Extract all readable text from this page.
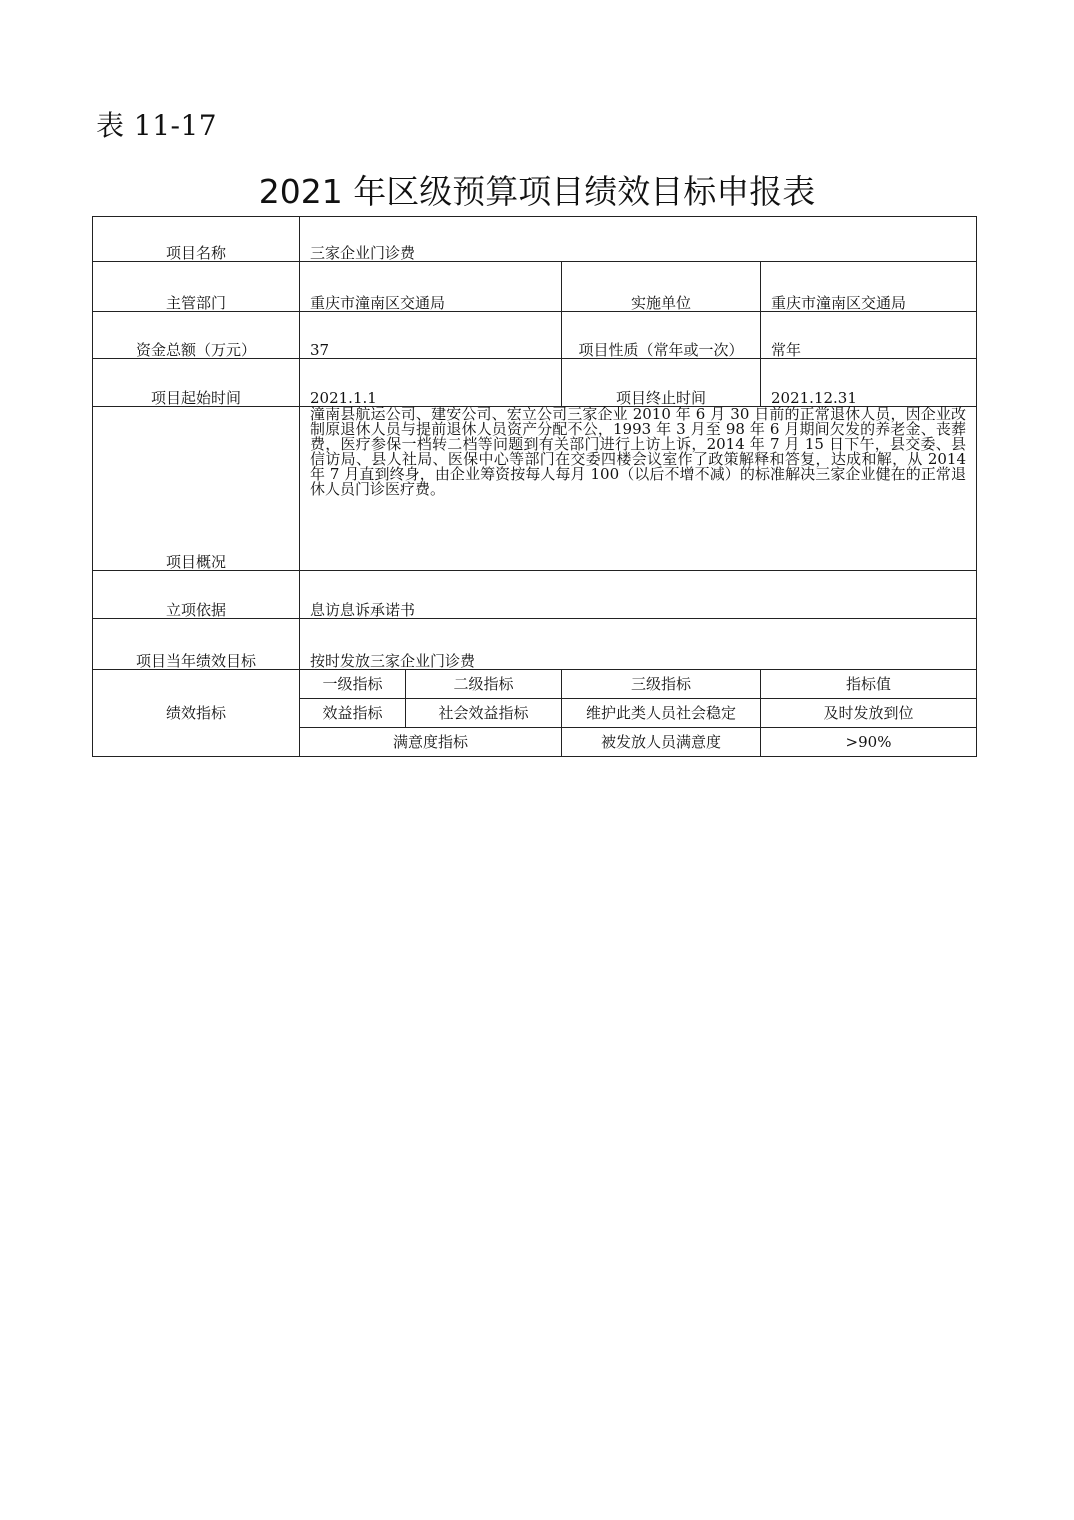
表 11-17
2021 年区级预算项目绩效目标申报表
项目名称	三家企业门诊费			
主管部门	重庆市潼南区交通局		实施单位	重庆市潼南区交通局
资金总额（万元）	37		项目性质（常年或一次）	常年
项目起始时间	2021.1.1		项目终止时间	2021.12.31
项目概况	潼南县航运公司、建安公司、宏立公司三家企业 2010 年 6 月 30 日前的正常退休人员，因企业改制原退休人员与提前退休人员资产分配不公，1993 年 3 月至 98 年 6 月期间欠发的养老金、丧葬费，医疗参保一档转二档等问题到有关部门进行上访上诉，2014 年 7 月 15 日下午，县交委、县信访局、县人社局、医保中心等部门在交委四楼会议室作了政策解释和答复，达成和解，从 2014 年 7 月直到终身，由企业筹资按每人每月 100（以后不增不减）的标准解决三家企业健在的正常退休人员门诊医疗费。			
立项依据	息访息诉承诺书			
项目当年绩效目标	按时发放三家企业门诊费			
绩效指标	一级指标	二级指标	三级指标	指标值
	效益指标	社会效益指标	维护此类人员社会稳定	及时发放到位
	满意度指标		被发放人员满意度	>90%
